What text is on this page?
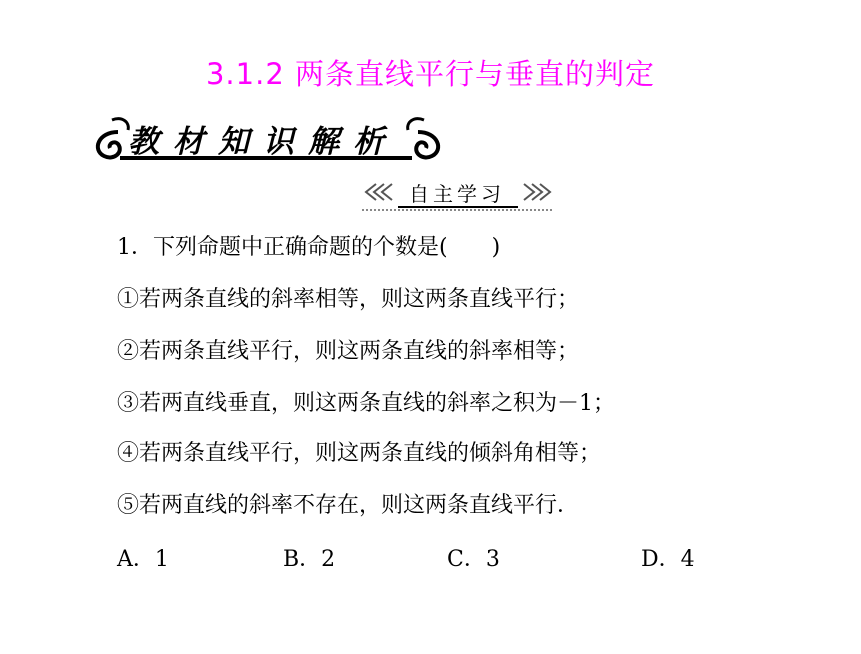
3.1.2 两条直线平行与垂直的判定
教材知识解析
自主学习
1．下列命题中正确命题的个数是(　　)
①若两条直线的斜率相等，则这两条直线平行；
②若两条直线平行，则这两条直线的斜率相等；
③若两直线垂直，则这两条直线的斜率之积为－1；
④若两条直线平行，则这两条直线的倾斜角相等；
⑤若两直线的斜率不存在，则这两条直线平行．
A．1	B．2	C．3	D．4
